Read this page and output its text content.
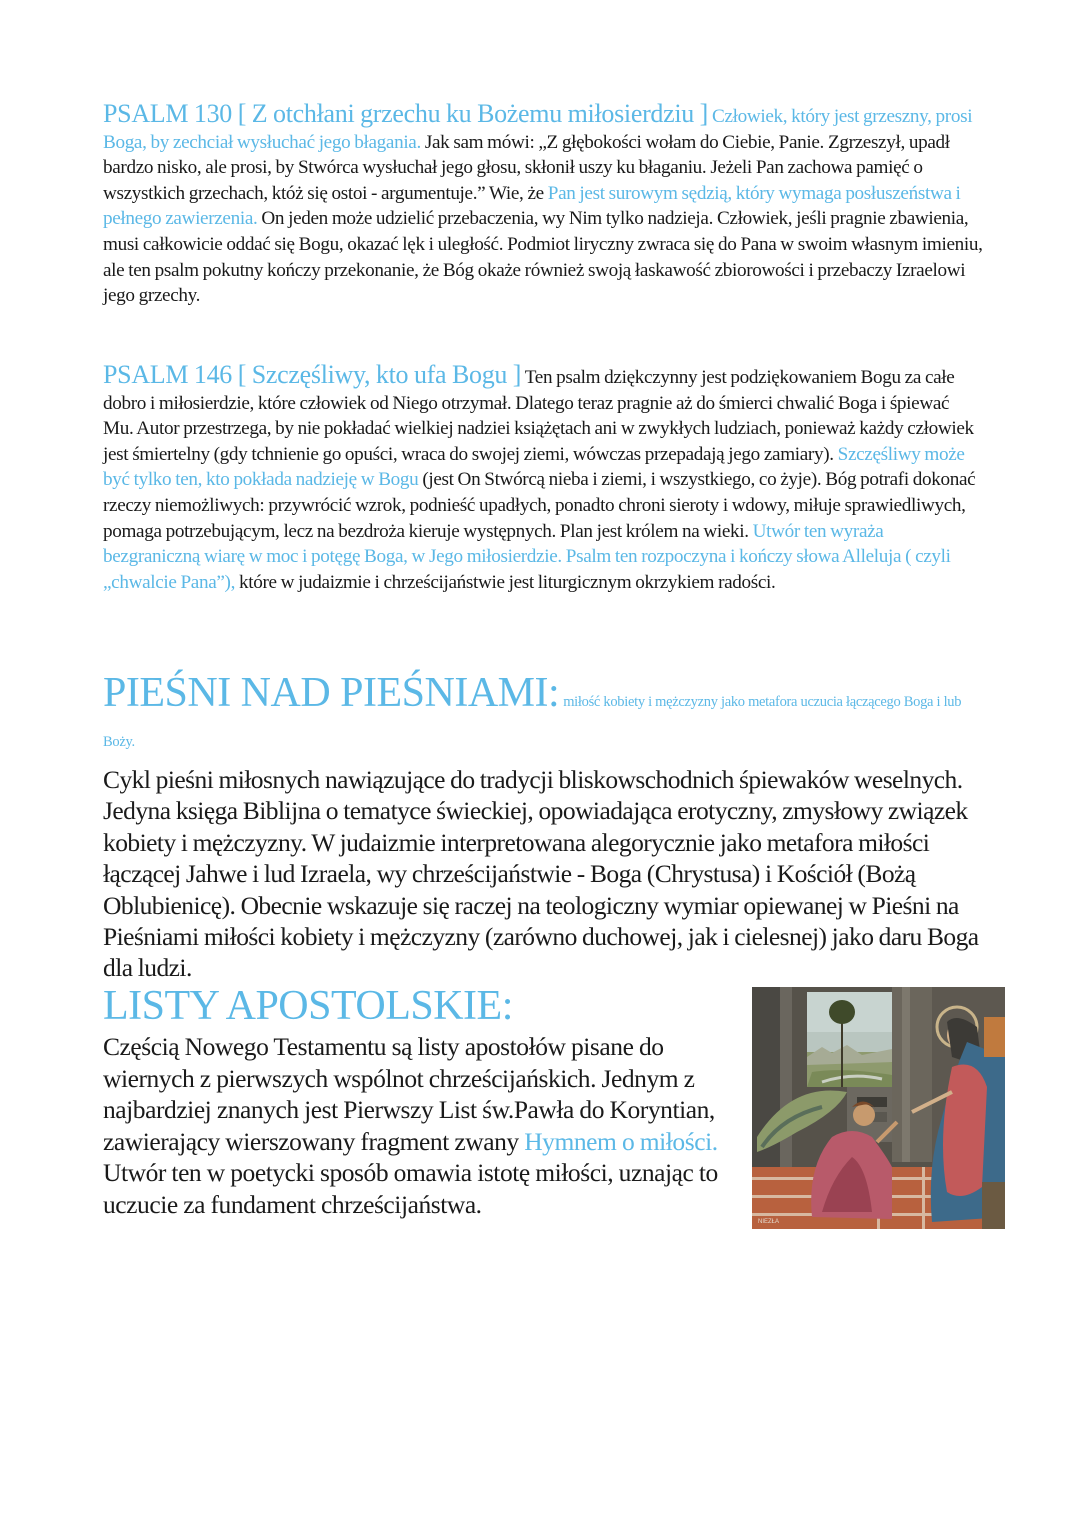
PSALM 130 [ Z otchłani grzechu ku Bożemu miłosierdziu ] Człowiek, który jest grzeszny, prosi Boga, by zechciał wysłuchać jego błagania. Jak sam mówi: „Z głębokości wołam do Ciebie, Panie. Zgrzeszył, upadł bardzo nisko, ale prosi, by Stwórca wysłuchał jego głosu, skłonił uszy ku błaganiu. Jeżeli Pan zachowa pamięć o wszystkich grzechach, któż się ostoi - argumentuje.” Wie, że Pan jest surowym sędzią, który wymaga posłuszeństwa i pełnego zawierzenia. On jeden może udzielić przebaczenia, wy Nim tylko nadzieja. Człowiek, jeśli pragnie zbawienia, musi całkowicie oddać się Bogu, okazać lęk i uległość. Podmiot liryczny zwraca się do Pana w swoim własnym imieniu, ale ten psalm pokutny kończy przekonanie, że Bóg okaże również swoją łaskawość zbiorowości i przebaczy Izraelowi jego grzechy.
PSALM 146 [ Szczęśliwy, kto ufa Bogu ] Ten psalm dziękczynny jest podziękowaniem Bogu za całe dobro i miłosierdzie, które człowiek od Niego otrzymał. Dlatego teraz pragnie aż do śmierci chwalić Boga i śpiewać Mu. Autor przestrzega, by nie pokładać wielkiej nadziei książętach ani w zwykłych ludziach, ponieważ każdy człowiek jest śmiertelny (gdy tchnienie go opuści, wraca do swojej ziemi, wówczas przepadają jego zamiary). Szczęśliwy może być tylko ten, kto pokłada nadzieję w Bogu (jest On Stwórcą nieba i ziemi, i wszystkiego, co żyje). Bóg potrafi dokonać rzeczy niemożliwych: przywrócić wzrok, podnieść upadłych, ponadto chroni sieroty i wdowy, miłuje sprawiedliwych, pomaga potrzebującym, lecz na bezdroża kieruje występnych. Plan jest królem na wieki. Utwór ten wyraża bezgraniczną wiarę w moc i potęgę Boga, w Jego miłosierdzie. Psalm ten rozpoczyna i kończy słowa Alleluja ( czyli „chwalcie Pana”), które w judaizmie i chrześcijaństwie jest liturgicznym okrzykiem radości.
PIEŚNI NAD PIEŚNIAMI: miłość kobiety i mężczyzny jako metafora uczucia łączącego Boga i lub Boży.
Cykl pieśni miłosnych nawiązujące do tradycji bliskowschodnich śpiewaków weselnych. Jedyna księga Biblijna o tematyce świeckiej, opowiadająca erotyczny, zmysłowy związek kobiety i mężczyzny. W judaizmie interpretowana alegorycznie jako metafora miłości łączącej Jahwe i lud Izraela, wy chrześcijaństwie - Boga (Chrystusa) i Kościół (Bożą Oblubienicę). Obecnie wskazuje się raczej na teologiczny wymiar opiewanej w Pieśni na Pieśniami miłości kobiety i mężczyzny (zarówno duchowej, jak i cielesnej) jako daru Boga dla ludzi.
LISTY APOSTOLSKIE:
Częścią Nowego Testamentu są listy apostołów pisane do wiernych z pierwszych wspólnot chrześcijańskich. Jednym z najbardziej znanych jest Pierwszy List św.Pawła do Koryntian, zawierający wierszowany fragment zwany Hymnem o miłości. Utwór ten w poetycki sposób omawia istotę miłości, uznając to uczucie za fundament chrześcijaństwa.
NIEZŁA
